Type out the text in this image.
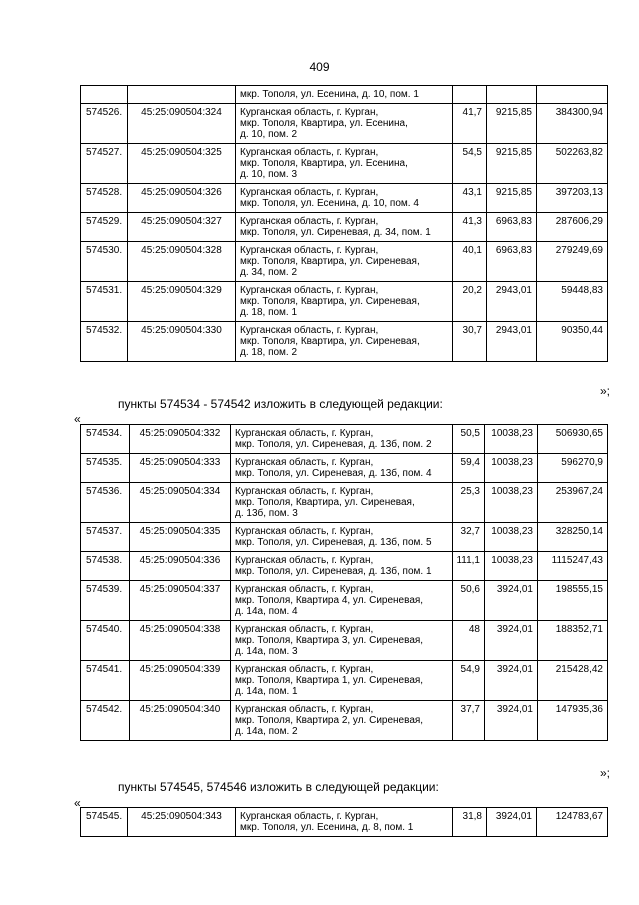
409
		мкр. Тополя, ул. Есенина, д. 10, пом. 1			
574526.	45:25:090504:324	Курганская область, г. Курган,
мкр. Тополя, Квартира, ул. Есенина,
д. 10, пом. 2	41,7	9215,85	384300,94
574527.	45:25:090504:325	Курганская область, г. Курган,
мкр. Тополя, Квартира, ул. Есенина,
д. 10, пом. 3	54,5	9215,85	502263,82
574528.	45:25:090504:326	Курганская область, г. Курган,
мкр. Тополя, ул. Есенина, д. 10, пом. 4	43,1	9215,85	397203,13
574529.	45:25:090504:327	Курганская область, г. Курган,
мкр. Тополя, ул. Сиреневая, д. 34, пом. 1	41,3	6963,83	287606,29
574530.	45:25:090504:328	Курганская область, г. Курган,
мкр. Тополя, Квартира, ул. Сиреневая,
д. 34, пом. 2	40,1	6963,83	279249,69
574531.	45:25:090504:329	Курганская область, г. Курган,
мкр. Тополя, Квартира, ул. Сиреневая,
д. 18, пом. 1	20,2	2943,01	59448,83
574532.	45:25:090504:330	Курганская область, г. Курган,
мкр. Тополя, Квартира, ул. Сиреневая,
д. 18, пом. 2	30,7	2943,01	90350,44
»;
пункты 574534 - 574542 изложить в следующей редакции:
«
574534.	45:25:090504:332	Курганская область, г. Курган,
мкр. Тополя, ул. Сиреневая, д. 13б, пом. 2	50,5	10038,23	506930,65
574535.	45:25:090504:333	Курганская область, г. Курган,
мкр. Тополя, ул. Сиреневая, д. 13б, пом. 4	59,4	10038,23	596270,9
574536.	45:25:090504:334	Курганская область, г. Курган,
мкр. Тополя, Квартира, ул. Сиреневая,
д. 13б, пом. 3	25,3	10038,23	253967,24
574537.	45:25:090504:335	Курганская область, г. Курган,
мкр. Тополя, ул. Сиреневая, д. 13б, пом. 5	32,7	10038,23	328250,14
574538.	45:25:090504:336	Курганская область, г. Курган,
мкр. Тополя, ул. Сиреневая, д. 13б, пом. 1	111,1	10038,23	1115247,43
574539.	45:25:090504:337	Курганская область, г. Курган,
мкр. Тополя, Квартира 4, ул. Сиреневая,
д. 14а, пом. 4	50,6	3924,01	198555,15
574540.	45:25:090504:338	Курганская область, г. Курган,
мкр. Тополя, Квартира 3, ул. Сиреневая,
д. 14а, пом. 3	48	3924,01	188352,71
574541.	45:25:090504:339	Курганская область, г. Курган,
мкр. Тополя, Квартира 1, ул. Сиреневая,
д. 14а, пом. 1	54,9	3924,01	215428,42
574542.	45:25:090504:340	Курганская область, г. Курган,
мкр. Тополя, Квартира 2, ул. Сиреневая,
д. 14а, пом. 2	37,7	3924,01	147935,36
»;
пункты 574545, 574546 изложить в следующей редакции:
«
574545.	45:25:090504:343	Курганская область, г. Курган,
мкр. Тополя, ул. Есенина, д. 8, пом. 1
	31,8	3924,01	124783,67
